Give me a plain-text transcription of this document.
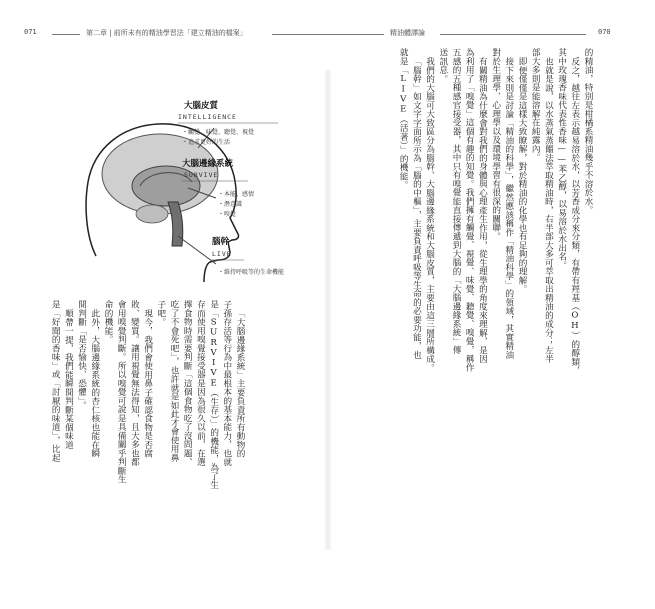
071	第二章 | 前所未有的精油學習法「建立精油的檔案」	精油體譯論	070
大腦皮質
INTELLIGENCE
・觸覺、味覺、聽覺、視覺
・追求更好的生活
大腦邊緣系統
SURVIVE
・本能、感情
・潛意識
・嗅覺
腦幹
LIVE
・維持呼吸等的生命機能

「大腦邊緣系統」主要負責所有動物的

子孫存活等行為中最根本的基本能力，也就

是「SURVIVE（生存）」的機能，為了生

存而使用嗅覺接受器是因為很久以前，在選

擇食物時需要判斷「這個食物吃了沒問題、

吃了不會死吧」，也許就是如此才會使用鼻

子吧。

現今，我們會使用鼻子確認食物是否腐

敗、變質。讓用視覺無法得知，且大多也都

會用嗅覺判斷。所以嗅覺可說是具備關乎判斷生

命的機能。

此外，大腦邊緣系統的杏仁核也能在瞬

間判斷「是否愉快、恐懼」。

順帶一提，我們能瞬間判斷某個味道

是「好聞的香味」或「討厭的味道」，比起

的精油，特別是柑橘系精油幾乎不溶於水。

反之，越往左表示越易溶於水，以芳香成分來分類，有帶有羥基（OH）的醇類，

其中玫瑰香味代表性香味——苯乙醇，以易溶於水出名。

也就是說，以水蒸氣蒸餾法萃取精油時，右半部大多可萃取出精油的成分；左半

部大多則是能溶解在純露內。

即便僅僅是這樣大致瞭解，對於精油的化學也有足夠的理解。

接下來則是討論「精油的科學」，繼然應該稱作「精油科學」的領域，其實精油

對於生理學、心理學以及環境學習有很深的關聯。

有關精油為什麼會對我們的身體與心理產生作用，從生理學的角度來理解，是因

為利用了「嗅覺」這個有趣的知覺。我們擁有觸覺、視覺、味覺、聽覺、嗅覺，稱作

五感的五種感官接受器，其中只有嗅覺能直接傳遞到大腦的「大腦邊緣系統」傳

送訊息。

我們的大腦可大致區分為腦幹、大腦邊緣系統和大腦皮質，主要由這三層所構成。

「腦幹」如文字字面所示為「腦的中樞」，主要負責呼吸等生命的必要功能，也

就是「LIVE（活著）」的機能。
